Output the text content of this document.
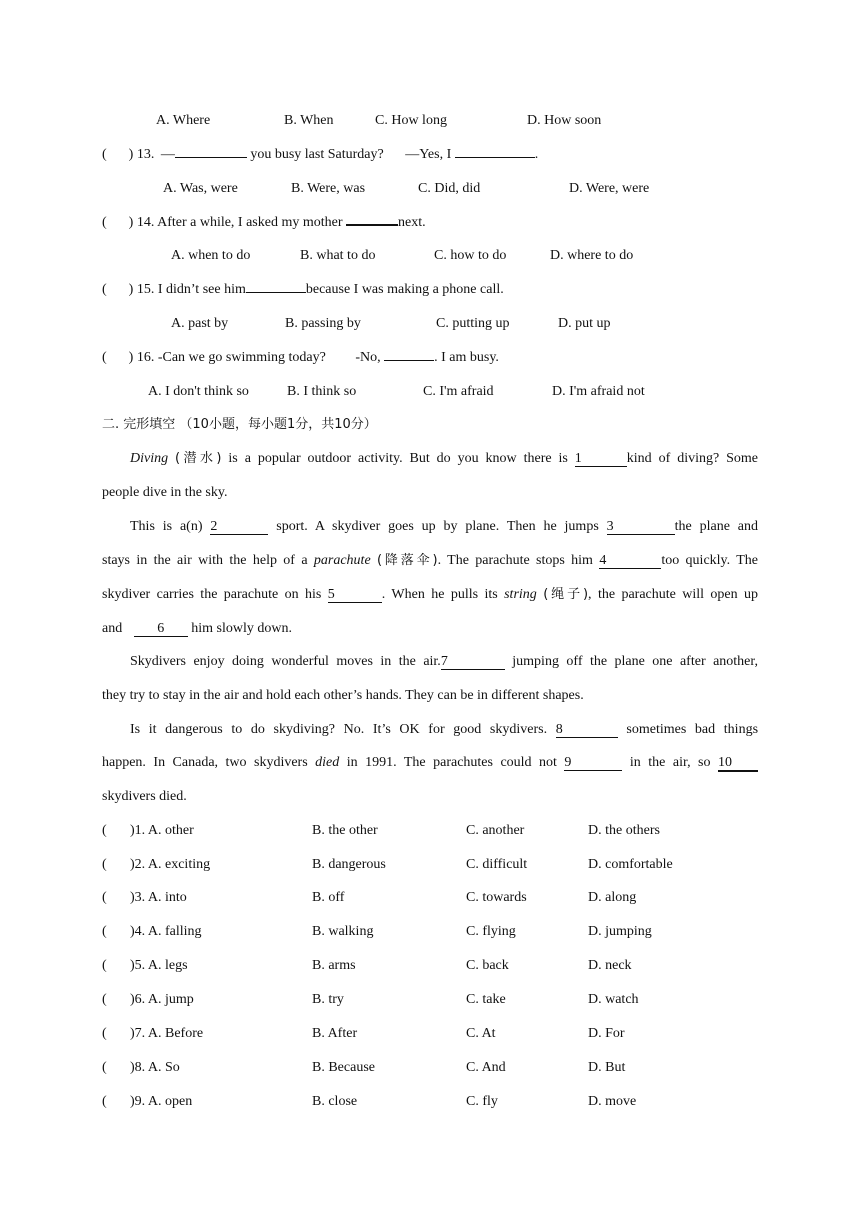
A. Where	B. When	C. How long	D. How soon
( ) 13. —	you busy last Saturday? —Yes, I	.
A. Was, were	B. Were, was	C. Did, did	D. Were, were
( ) 14. After a while, I asked my mother	next.
A. when to do	B. what to do	C. how to do	D. where to do
( ) 15. I didn’t see him	because I was making a phone call.
A. past by	B. passing by	C. putting up	D. put up
( ) 16. -Can we go swimming today? -No,	. I am busy.
A. I don't think so	B. I think so	C. I'm afraid	D. I'm afraid not
二. 完形填空 （10小题，每小题1分，共10分）
Diving (潜水) is a popular outdoor activity. But do you know there is 1	kind of diving? Some
people dive in the sky.
This is a(n) 2	sport. A skydiver goes up by plane. Then he jumps 3	the plane and
stays in the air with the help of a parachute (降落伞). The parachute stops him 4	too quickly. The
skydiver carries the parachute on his 5	. When he pulls its string (绳子), the parachute will open up
and	6 him slowly down.
Skydivers enjoy doing wonderful moves in the air.7	jumping off the plane one after another,
they try to stay in the air and hold each other’s hands. They can be in different shapes.
Is it dangerous to do skydiving? No. It’s OK for good skydivers. 8	sometimes bad things
happen. In Canada, two skydivers died in 1991. The parachutes could not 9	in the air, so 10
skydivers died.
( )1. A. other	B. the other	C. another	D. the others
( )2. A. exciting	B. dangerous	C. difficult	D. comfortable
( )3. A. into	B. off	C. towards	D. along
( )4. A. falling	B. walking	C. flying	D. jumping
( )5. A. legs	B. arms	C. back	D. neck
( )6. A. jump	B. try	C. take	D. watch
( )7. A. Before	B. After	C. At	D. For
( )8. A. So	B. Because	C. And	D. But
( )9. A. open	B. close	C. fly	D. move
